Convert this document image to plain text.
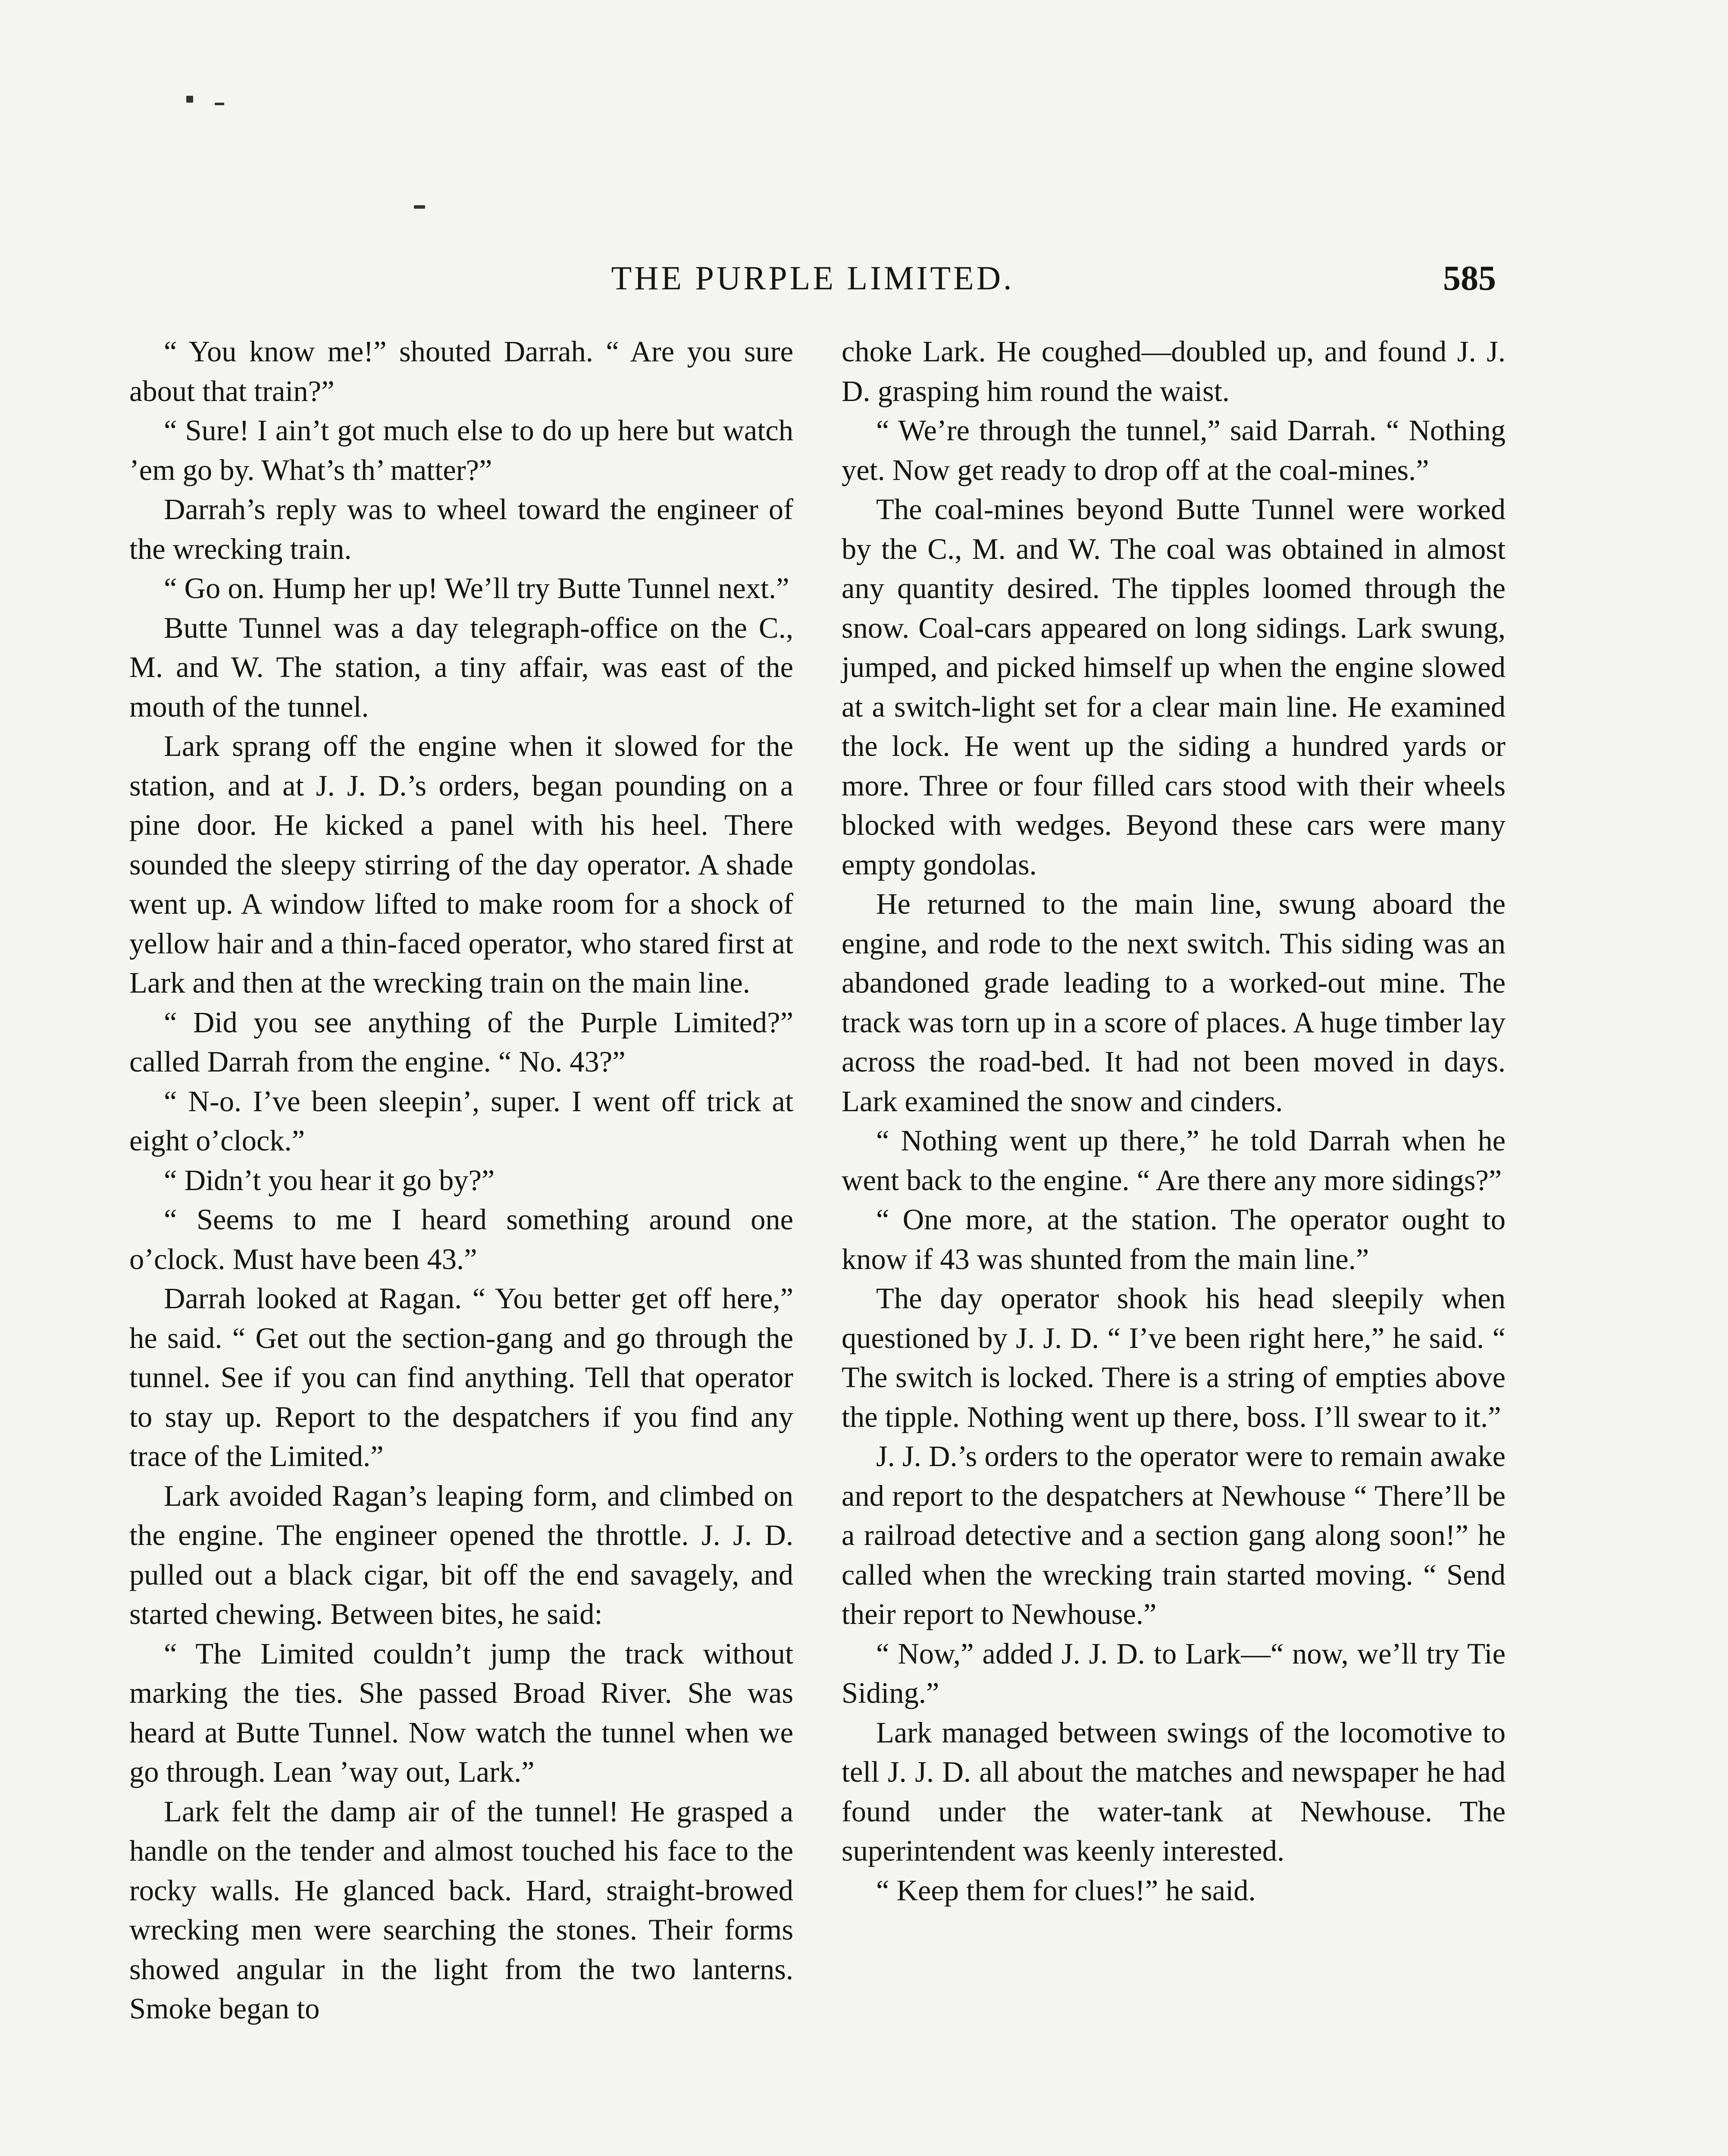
THE PURPLE LIMITED.	585

“ You know me!” shouted Darrah. “ Are you sure about that train?”

“ Sure! I ain’t got much else to do up here but watch ’em go by. What’s th’ matter?”

Darrah’s reply was to wheel toward the engineer of the wrecking train.

“ Go on. Hump her up! We’ll try Butte Tunnel next.”

Butte Tunnel was a day telegraph-office on the C., M. and W. The station, a tiny affair, was east of the mouth of the tunnel.

Lark sprang off the engine when it slowed for the station, and at J. J. D.’s orders, began pounding on a pine door. He kicked a panel with his heel. There sounded the sleepy stirring of the day operator. A shade went up. A window lifted to make room for a shock of yellow hair and a thin-faced operator, who stared first at Lark and then at the wrecking train on the main line.

“ Did you see anything of the Purple Limited?” called Darrah from the engine. “ No. 43?”

“ N-o. I’ve been sleepin’, super. I went off trick at eight o’clock.”

“ Didn’t you hear it go by?”

“ Seems to me I heard something around one o’clock. Must have been 43.”

Darrah looked at Ragan. “ You better get off here,” he said. “ Get out the section-gang and go through the tunnel. See if you can find anything. Tell that operator to stay up. Report to the despatchers if you find any trace of the Limited.”

Lark avoided Ragan’s leaping form, and climbed on the engine. The engineer opened the throttle. J. J. D. pulled out a black cigar, bit off the end savagely, and started chewing. Between bites, he said:

“ The Limited couldn’t jump the track without marking the ties. She passed Broad River. She was heard at Butte Tunnel. Now watch the tunnel when we go through. Lean ’way out, Lark.”

Lark felt the damp air of the tunnel! He grasped a handle on the tender and almost touched his face to the rocky walls. He glanced back. Hard, straight-browed wrecking men were searching the stones. Their forms showed angular in the light from the two lanterns. Smoke began to

choke Lark. He coughed—doubled up, and found J. J. D. grasping him round the waist.

“ We’re through the tunnel,” said Darrah. “ Nothing yet. Now get ready to drop off at the coal-mines.”

The coal-mines beyond Butte Tunnel were worked by the C., M. and W. The coal was obtained in almost any quantity desired. The tipples loomed through the snow. Coal-cars appeared on long sidings. Lark swung, jumped, and picked himself up when the engine slowed at a switch-light set for a clear main line. He examined the lock. He went up the siding a hundred yards or more. Three or four filled cars stood with their wheels blocked with wedges. Beyond these cars were many empty gondolas.

He returned to the main line, swung aboard the engine, and rode to the next switch. This siding was an abandoned grade leading to a worked-out mine. The track was torn up in a score of places. A huge timber lay across the road-bed. It had not been moved in days. Lark examined the snow and cinders.

“ Nothing went up there,” he told Darrah when he went back to the engine. “ Are there any more sidings?”

“ One more, at the station. The operator ought to know if 43 was shunted from the main line.”

The day operator shook his head sleepily when questioned by J. J. D. “ I’ve been right here,” he said. “ The switch is locked. There is a string of empties above the tipple. Nothing went up there, boss. I’ll swear to it.”

J. J. D.’s orders to the operator were to remain awake and report to the despatchers at Newhouse “ There’ll be a railroad detective and a section gang along soon!” he called when the wrecking train started moving. “ Send their report to Newhouse.”

“ Now,” added J. J. D. to Lark—“ now, we’ll try Tie Siding.”

Lark managed between swings of the locomotive to tell J. J. D. all about the matches and newspaper he had found under the water-tank at Newhouse. The superintendent was keenly interested.

“ Keep them for clues!” he said.
